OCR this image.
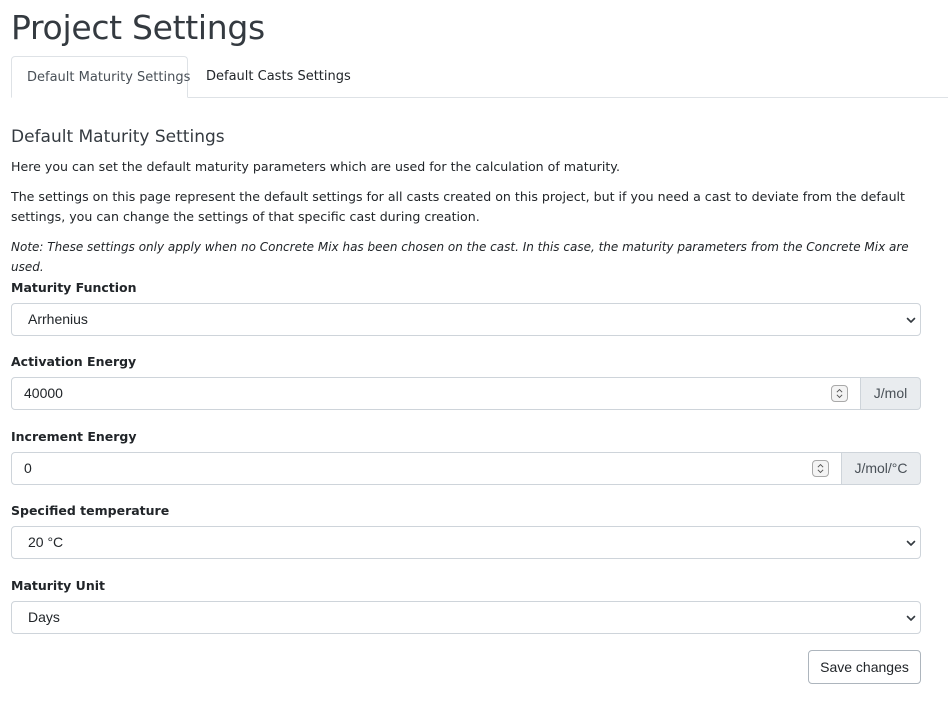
Project Settings
Default Maturity Settings	Default Casts Settings
Default Maturity Settings

Here you can set the default maturity parameters which are used for the calculation of maturity.

The settings on this page represent the default settings for all casts created on this project, but if you need a cast to deviate from the default settings, you can change the settings of that specific cast during creation.

Note: These settings only apply when no Concrete Mix has been chosen on the cast. In this case, the maturity parameters from the Concrete Mix are used.

Maturity Function
Arrhenius
Activation Energy
40000	J/mol
Increment Energy
0	J/mol/°C
Specified temperature
20 °C
Maturity Unit
Days
Save changes
